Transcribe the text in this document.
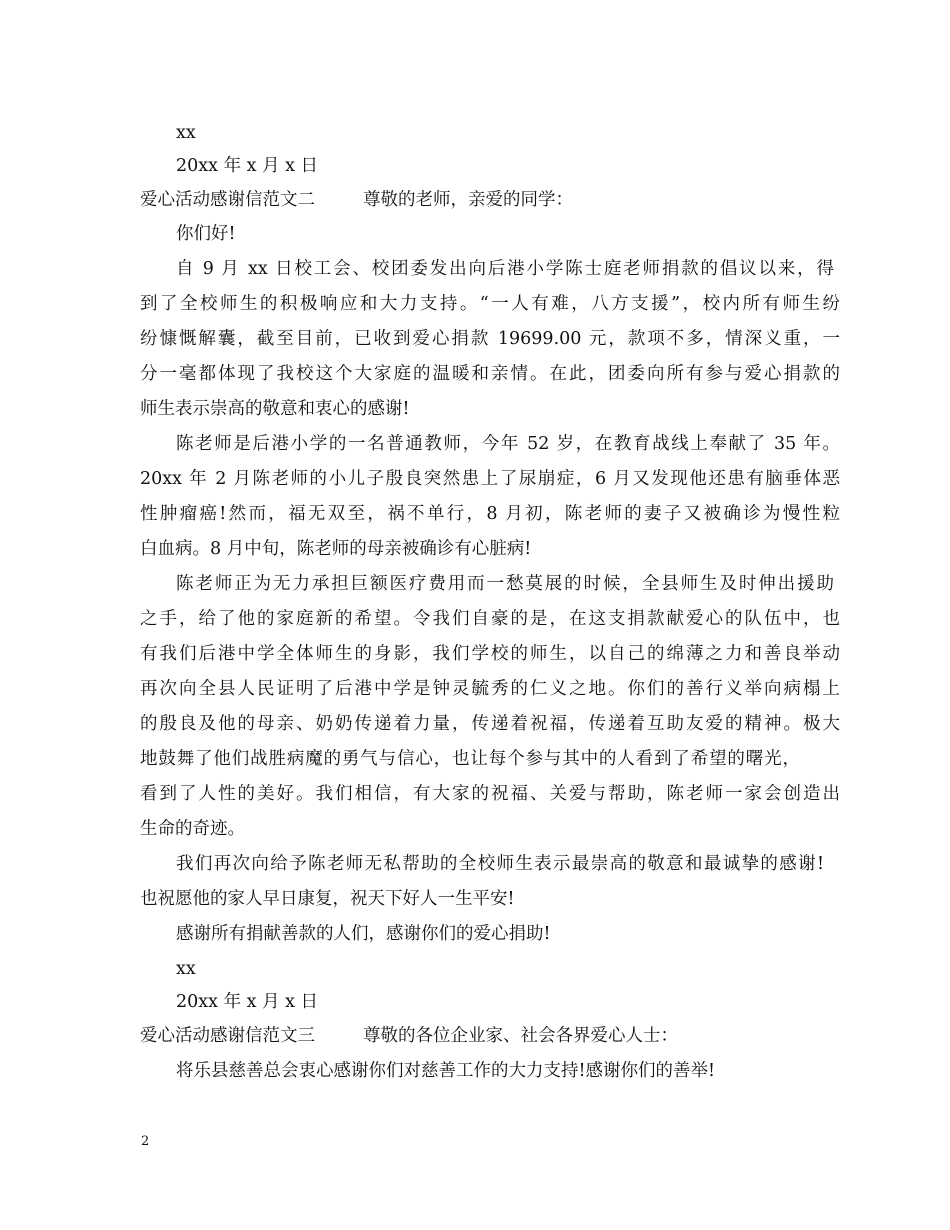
xx
20xx 年 x 月 x 日
爱心活动感谢信范文二	尊敬的老师，亲爱的同学：
你们好!
自 9 月 xx 日校工会、校团委发出向后港小学陈士庭老师捐款的倡议以来，得
到了全校师生的积极响应和大力支持。“一人有难，八方支援”，校内所有师生纷
纷慷慨解囊，截至目前，已收到爱心捐款 19699.00 元，款项不多，情深义重，一
分一毫都体现了我校这个大家庭的温暖和亲情。在此，团委向所有参与爱心捐款的
师生表示崇高的敬意和衷心的感谢!
陈老师是后港小学的一名普通教师，今年 52 岁，在教育战线上奉献了 35 年。
20xx 年 2 月陈老师的小儿子殷良突然患上了尿崩症，6 月又发现他还患有脑垂体恶
性肿瘤癌!然而，福无双至，祸不单行，8 月初，陈老师的妻子又被确诊为慢性粒
白血病。8 月中旬，陈老师的母亲被确诊有心脏病!
陈老师正为无力承担巨额医疗费用而一愁莫展的时候，全县师生及时伸出援助
之手，给了他的家庭新的希望。令我们自豪的是，在这支捐款献爱心的队伍中，也
有我们后港中学全体师生的身影，我们学校的师生，以自己的绵薄之力和善良举动
再次向全县人民证明了后港中学是钟灵毓秀的仁义之地。你们的善行义举向病榻上
的殷良及他的母亲、奶奶传递着力量，传递着祝福，传递着互助友爱的精神。极大
地鼓舞了他们战胜病魔的勇气与信心，也让每个参与其中的人看到了希望的曙光，
看到了人性的美好。我们相信，有大家的祝福、关爱与帮助，陈老师一家会创造出
生命的奇迹。
我们再次向给予陈老师无私帮助的全校师生表示最崇高的敬意和最诚挚的感谢!
也祝愿他的家人早日康复，祝天下好人一生平安!
感谢所有捐献善款的人们，感谢你们的爱心捐助!
xx
20xx 年 x 月 x 日
爱心活动感谢信范文三	尊敬的各位企业家、社会各界爱心人士：
将乐县慈善总会衷心感谢你们对慈善工作的大力支持!感谢你们的善举!
2
